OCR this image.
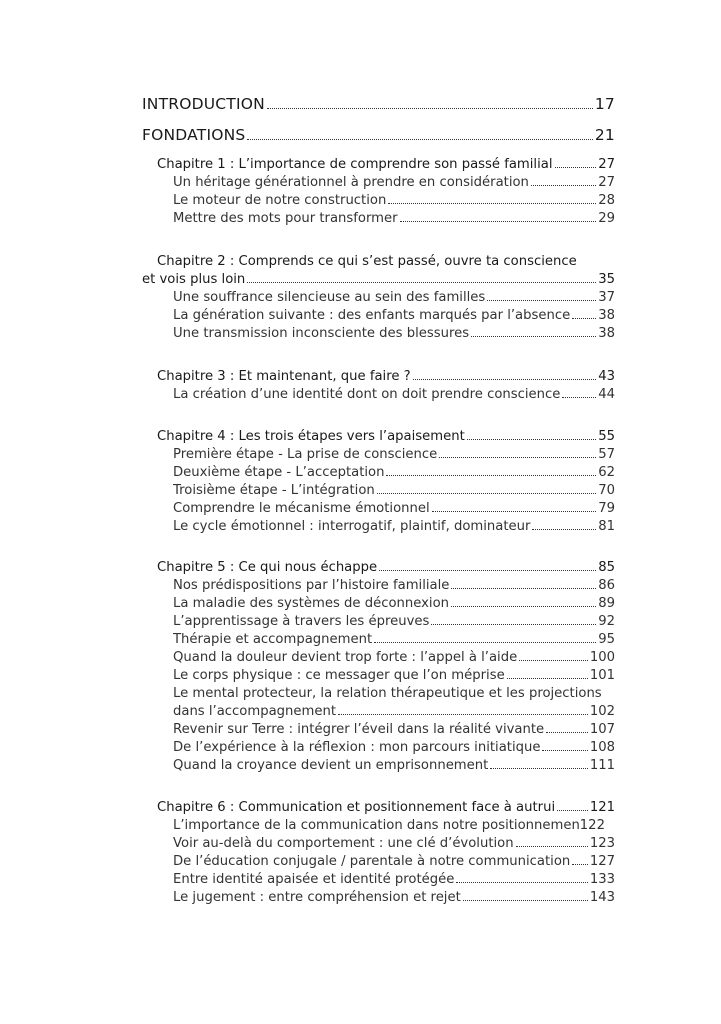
INTRODUCTION	17
FONDATIONS	21
Chapitre 1 : L’importance de comprendre son passé familial	27
Un héritage générationnel à prendre en considération	27
Le moteur de notre construction	28
Mettre des mots pour transformer	29
Chapitre 2 : Comprends ce qui s’est passé, ouvre ta conscience
et vois plus loin	35
Une souffrance silencieuse au sein des familles	37
La génération suivante : des enfants marqués par l’absence 38
Une transmission inconsciente des blessures	38
Chapitre 3 : Et maintenant, que faire ?	43
La création d’une identité dont on doit prendre conscience	44
Chapitre 4 : Les trois étapes vers l’apaisement	55
Première étape - La prise de conscience	57
Deuxième étape - L’acceptation	62
Troisième étape - L’intégration	70
Comprendre le mécanisme émotionnel	79
Le cycle émotionnel : interrogatif, plaintif, dominateur	81
Chapitre 5 : Ce qui nous échappe	85
Nos prédispositions par l’histoire familiale	86
La maladie des systèmes de déconnexion	89
L’apprentissage à travers les épreuves	92
Thérapie et accompagnement	95
Quand la douleur devient trop forte : l’appel à l’aide	100
Le corps physique : ce messager que l’on méprise	101
Le mental protecteur, la relation thérapeutique et les projections
dans l’accompagnement	102
Revenir sur Terre : intégrer l’éveil dans la réalité vivante	107
De l’expérience à la réflexion : mon parcours initiatique	108
Quand la croyance devient un emprisonnement	111
Chapitre 6 : Communication et positionnement face à autrui	121
L’importance de la communication dans notre positionnemen 122
Voir au-delà du comportement : une clé d’évolution	123
De l’éducation conjugale / parentale à notre communication 127
Entre identité apaisée et identité protégée	133
Le jugement : entre compréhension et rejet	143
